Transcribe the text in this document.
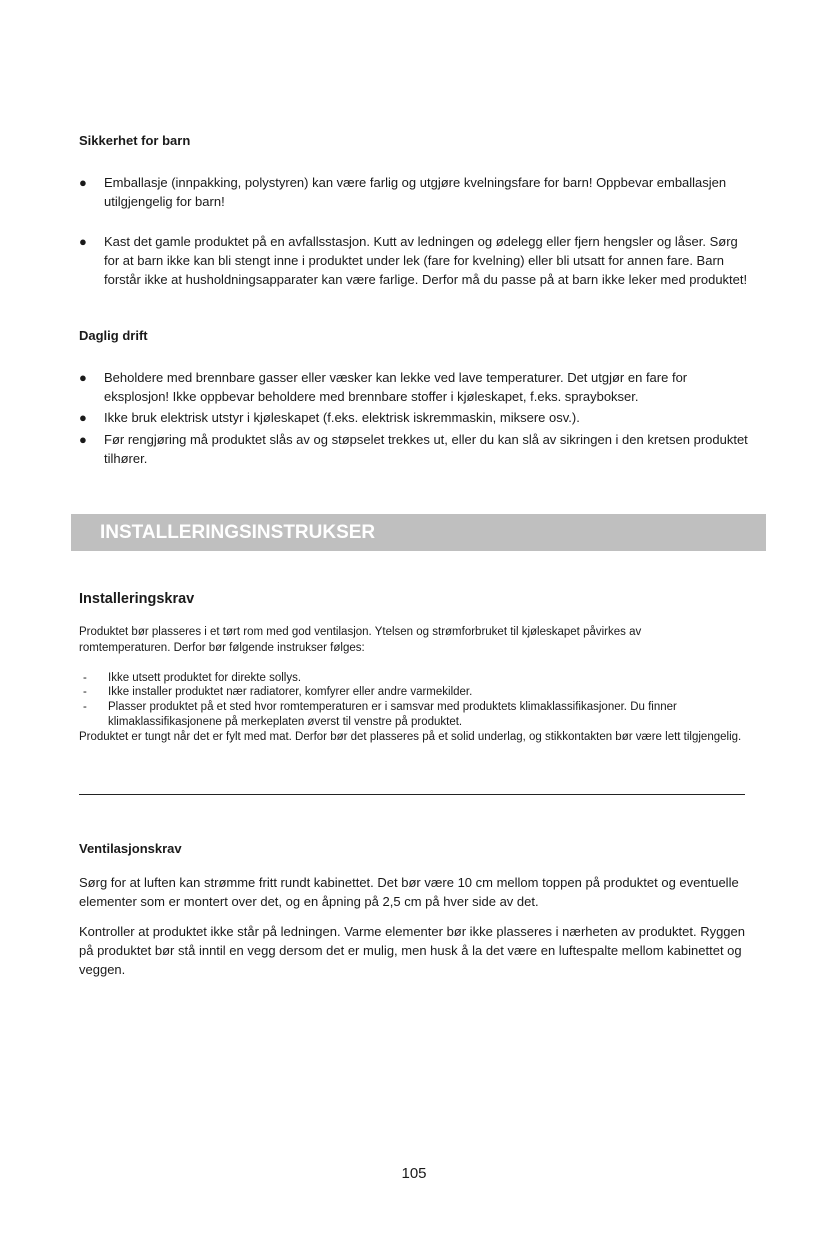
Sikkerhet for barn
● Emballasje (innpakking, polystyren) kan være farlig og utgjøre kvelningsfare for barn! Oppbevar emballasjen utilgjengelig for barn!
● Kast det gamle produktet på en avfallsstasjon. Kutt av ledningen og ødelegg eller fjern hengsler og låser. Sørg for at barn ikke kan bli stengt inne i produktet under lek (fare for kvelning) eller bli utsatt for annen fare. Barn forstår ikke at husholdningsapparater kan være farlige. Derfor må du passe på at barn ikke leker med produktet!
Daglig drift
● Beholdere med brennbare gasser eller væsker kan lekke ved lave temperaturer. Det utgjør en fare for eksplosjon! Ikke oppbevar beholdere med brennbare stoffer i kjøleskapet, f.eks. spraybokser.
● Ikke bruk elektrisk utstyr i kjøleskapet (f.eks. elektrisk iskremmaskin, miksere osv.).
● Før rengjøring må produktet slås av og støpselet trekkes ut, eller du kan slå av sikringen i den kretsen produktet tilhører.
INSTALLERINGSINSTRUKSER
Installeringskrav
Produktet bør plasseres i et tørt rom med god ventilasjon. Ytelsen og strømforbruket til kjøleskapet påvirkes av romtemperaturen. Derfor bør følgende instrukser følges:
- Ikke utsett produktet for direkte sollys.
- Ikke installer produktet nær radiatorer, komfyrer eller andre varmekilder.
- Plasser produktet på et sted hvor romtemperaturen er i samsvar med produktets klimaklassifikasjoner. Du finner klimaklassifikasjonene på merkeplaten øverst til venstre på produktet.
Produktet er tungt når det er fylt med mat. Derfor bør det plasseres på et solid underlag, og stikkontakten bør være lett tilgjengelig.
Ventilasjonskrav
Sørg for at luften kan strømme fritt rundt kabinettet. Det bør være 10 cm mellom toppen på produktet og eventuelle elementer som er montert over det, og en åpning på 2,5 cm på hver side av det.
Kontroller at produktet ikke står på ledningen. Varme elementer bør ikke plasseres i nærheten av produktet. Ryggen på produktet bør stå inntil en vegg dersom det er mulig, men husk å la det være en luftespalte mellom kabinettet og veggen.
105
